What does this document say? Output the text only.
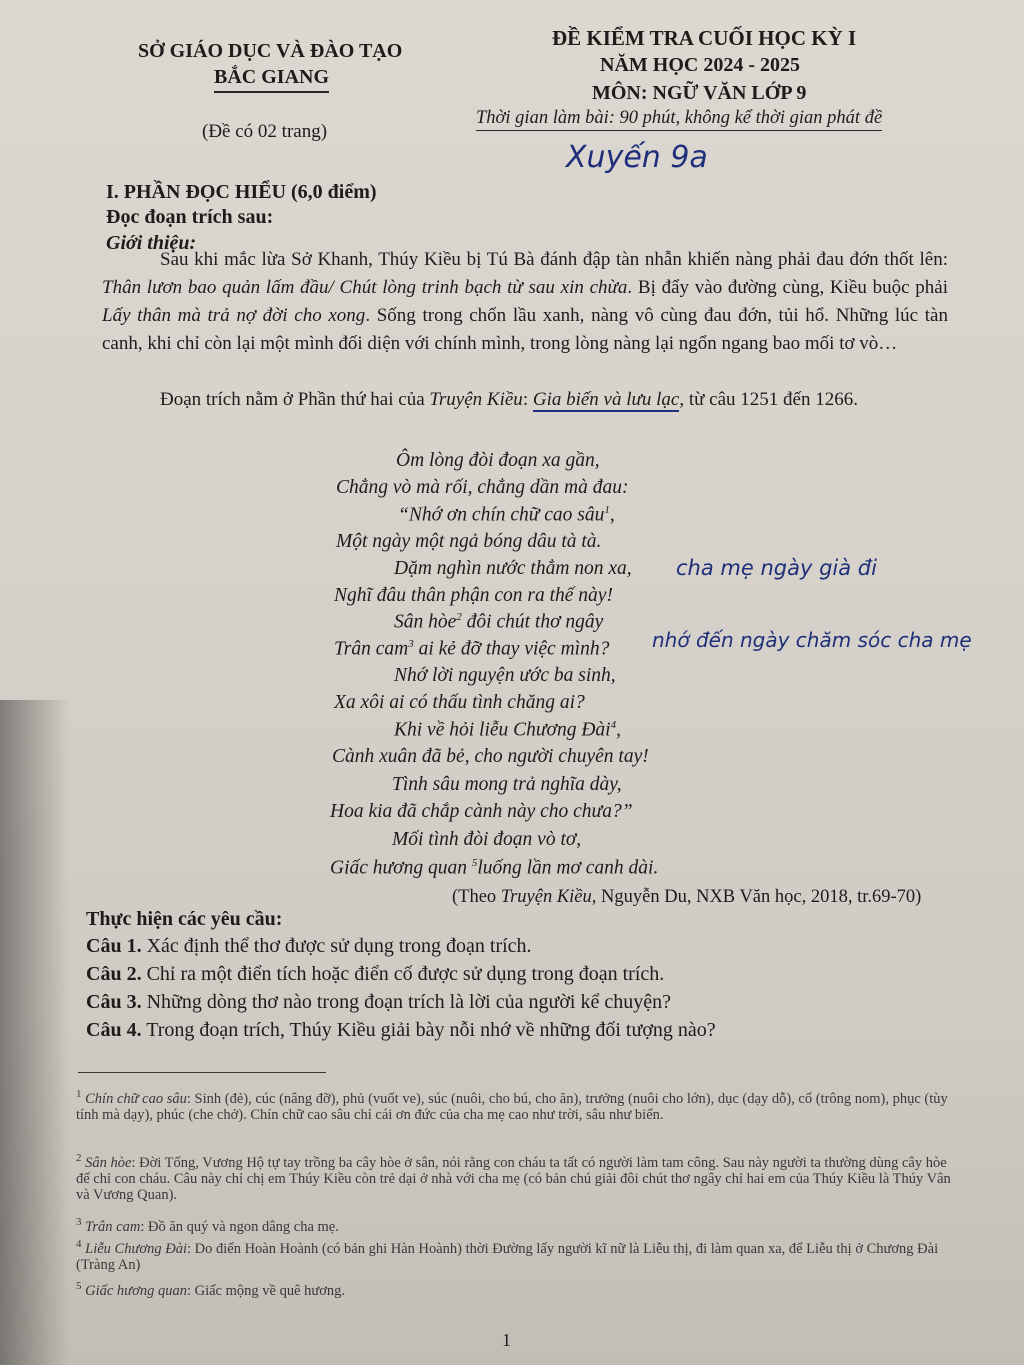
SỞ GIÁO DỤC VÀ ĐÀO TẠO
BẮC GIANG
(Đề có 02 trang)
ĐỀ KIỂM TRA CUỐI HỌC KỲ I
NĂM HỌC 2024 - 2025
MÔN: NGỮ VĂN LỚP 9
Thời gian làm bài: 90 phút, không kể thời gian phát đề
Xuyến 9a
I. PHẦN ĐỌC HIỂU (6,0 điểm)
Đọc đoạn trích sau:
Giới thiệu:
Sau khi mắc lừa Sở Khanh, Thúy Kiều bị Tú Bà đánh đập tàn nhẫn khiến nàng phải đau đớn thốt lên: Thân lươn bao quản lấm đầu/ Chút lòng trinh bạch từ sau xin chừa. Bị đẩy vào đường cùng, Kiều buộc phải Lấy thân mà trả nợ đời cho xong. Sống trong chốn lầu xanh, nàng vô cùng đau đớn, tủi hổ. Những lúc tàn canh, khi chỉ còn lại một mình đối diện với chính mình, trong lòng nàng lại ngổn ngang bao mối tơ vò…
Đoạn trích nằm ở Phần thứ hai của Truyện Kiều: Gia biến và lưu lạc, từ câu 1251 đến 1266.
Ôm lòng đòi đoạn xa gần,
Chẳng vò mà rối, chẳng dần mà đau:
“Nhớ ơn chín chữ cao sâu$^1$,
Một ngày một ngả bóng dâu tà tà.
Dặm nghìn nước thẳm non xa,
Nghĩ đâu thân phận con ra thế này!
Sân hòe$^2$ đôi chút thơ ngây
Trân cam$^3$ ai kẻ đỡ thay việc mình?
Nhớ lời nguyện ước ba sinh,
Xa xôi ai có thấu tình chăng ai?
Khi về hỏi liễu Chương Đài$^4$,
Cành xuân đã bẻ, cho người chuyên tay!
Tình sâu mong trả nghĩa dày,
Hoa kia đã chắp cành này cho chưa?”
Mối tình đòi đoạn vò tơ,
Giấc hương quan $^5$luống lần mơ canh dài.
(Theo Truyện Kiều, Nguyễn Du, NXB Văn học, 2018, tr.69-70)
cha mẹ ngày già đi
nhớ đến ngày chăm sóc cha mẹ
Thực hiện các yêu cầu:
Câu 1. Xác định thể thơ được sử dụng trong đoạn trích.
Câu 2. Chỉ ra một điển tích hoặc điển cố được sử dụng trong đoạn trích.
Câu 3. Những dòng thơ nào trong đoạn trích là lời của người kể chuyện?
Câu 4. Trong đoạn trích, Thúy Kiều giải bày nỗi nhớ về những đối tượng nào?
$^1$ Chín chữ cao sâu: Sinh (đẻ), cúc (nâng đỡ), phủ (vuốt ve), súc (nuôi, cho bú, cho ăn), trưởng (nuôi cho lớn), dục (dạy dỗ), cố (trông nom), phục (tùy tính mà dạy), phúc (che chở). Chín chữ cao sâu chỉ cái ơn đức của cha mẹ cao như trời, sâu như biển.
$^2$ Sân hòe: Đời Tống, Vương Hộ tự tay trồng ba cây hòe ở sân, nói rằng con cháu ta tất có người làm tam công. Sau này người ta thường dùng cây hòe để chỉ con cháu. Câu này chỉ chị em Thúy Kiều còn trẻ dại ở nhà với cha mẹ (có bản chú giải đôi chút thơ ngây chỉ hai em của Thúy Kiều là Thúy Vân và Vương Quan).
$^3$ Trân cam: Đồ ăn quý và ngon dâng cha mẹ.
$^4$ Liễu Chương Đài: Do điển Hoàn Hoành (có bản ghi Hàn Hoành) thời Đường lấy người kĩ nữ là Liễu thị, đi làm quan xa, để Liễu thị ở Chương Đài (Tràng An)
$^5$ Giấc hương quan: Giấc mộng về quê hương.
1
